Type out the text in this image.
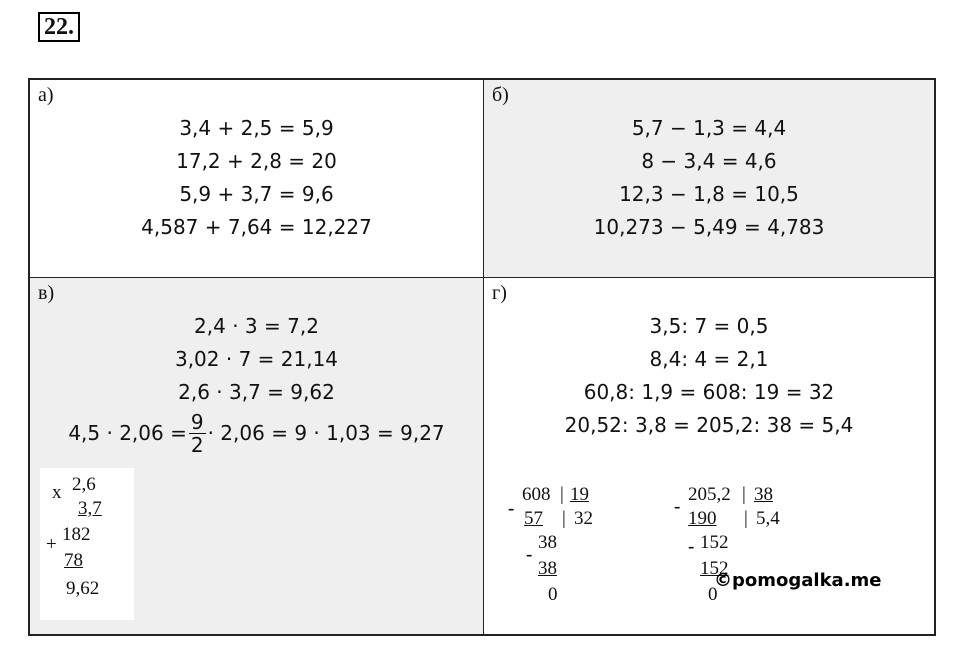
22.
а)
3,4 + 2,5 = 5,9
17,2 + 2,8 = 20
5,9 + 3,7 = 9,6
4,587 + 7,64 = 12,227
б)
5,7 − 1,3 = 4,4
8 − 3,4 = 4,6
12,3 − 1,8 = 10,5
10,273 − 5,49 = 4,783
в)
2,4 · 3 = 7,2
3,02 · 7 = 21,14
2,6 · 3,7 = 9,62
$4,5 \cdot 2,06 = \frac{9}{2} \cdot 2,06 = 9 \cdot 1,03 = 9,27$
x 2,6
3,7
+ 182
78
9,62
г)
3,5: 7 = 0,5
8,4: 4 = 2,1
60,8: 1,9 = 608: 19 = 32
20,52: 3,8 = 205,2: 38 = 5,4
-
608 | 19
57 | 32
-
38
38
0
-
205,2 | 38
190 | 5,4
- 152
152
0
©pomogalka.me
